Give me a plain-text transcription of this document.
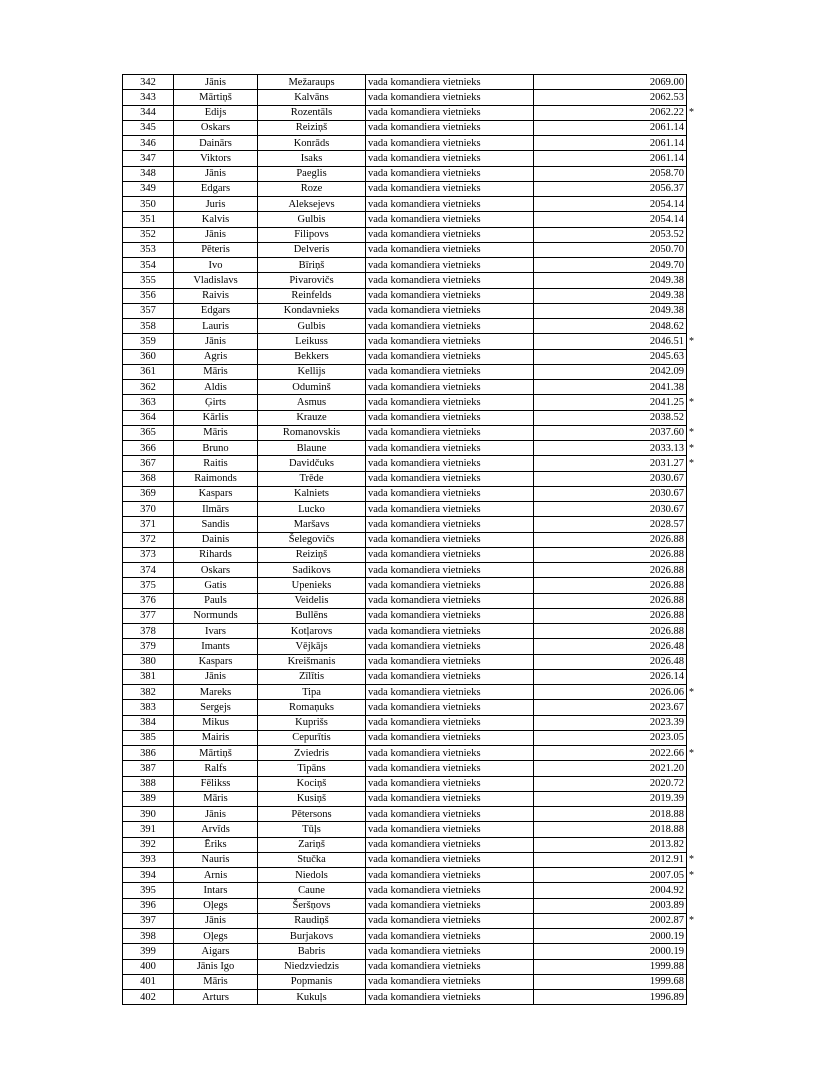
342	Jānis	Mežaraups	vada komandiera vietnieks	2069.00	
343	Mārtiņš	Kalvāns	vada komandiera vietnieks	2062.53	
344	Edijs	Rozentāls	vada komandiera vietnieks	2062.22	*
345	Oskars	Reiziņš	vada komandiera vietnieks	2061.14	
346	Dainārs	Konrāds	vada komandiera vietnieks	2061.14	
347	Viktors	Isaks	vada komandiera vietnieks	2061.14	
348	Jānis	Paeglis	vada komandiera vietnieks	2058.70	
349	Edgars	Roze	vada komandiera vietnieks	2056.37	
350	Juris	Aleksejevs	vada komandiera vietnieks	2054.14	
351	Kalvis	Gulbis	vada komandiera vietnieks	2054.14	
352	Jānis	Filipovs	vada komandiera vietnieks	2053.52	
353	Pēteris	Delveris	vada komandiera vietnieks	2050.70	
354	Ivo	Bīriņš	vada komandiera vietnieks	2049.70	
355	Vladislavs	Pivarovičs	vada komandiera vietnieks	2049.38	
356	Raivis	Reinfelds	vada komandiera vietnieks	2049.38	
357	Edgars	Kondavnieks	vada komandiera vietnieks	2049.38	
358	Lauris	Gulbis	vada komandiera vietnieks	2048.62	
359	Jānis	Leikuss	vada komandiera vietnieks	2046.51	*
360	Agris	Bekkers	vada komandiera vietnieks	2045.63	
361	Māris	Kellijs	vada komandiera vietnieks	2042.09	
362	Aldis	Oduminš	vada komandiera vietnieks	2041.38	
363	Ģirts	Asmus	vada komandiera vietnieks	2041.25	*
364	Kārlis	Krauze	vada komandiera vietnieks	2038.52	
365	Māris	Romanovskis	vada komandiera vietnieks	2037.60	*
366	Bruno	Blaune	vada komandiera vietnieks	2033.13	*
367	Raitis	Davidčuks	vada komandiera vietnieks	2031.27	*
368	Raimonds	Trēde	vada komandiera vietnieks	2030.67	
369	Kaspars	Kalniets	vada komandiera vietnieks	2030.67	
370	Ilmārs	Lucko	vada komandiera vietnieks	2030.67	
371	Sandis	Maršavs	vada komandiera vietnieks	2028.57	
372	Dainis	Šelegovičs	vada komandiera vietnieks	2026.88	
373	Rihards	Reiziņš	vada komandiera vietnieks	2026.88	
374	Oskars	Sadikovs	vada komandiera vietnieks	2026.88	
375	Gatis	Upenieks	vada komandiera vietnieks	2026.88	
376	Pauls	Veidelis	vada komandiera vietnieks	2026.88	
377	Normunds	Bullēns	vada komandiera vietnieks	2026.88	
378	Ivars	Kotļarovs	vada komandiera vietnieks	2026.88	
379	Imants	Vējkājs	vada komandiera vietnieks	2026.48	
380	Kaspars	Kreišmanis	vada komandiera vietnieks	2026.48	
381	Jānis	Zīlītis	vada komandiera vietnieks	2026.14	
382	Mareks	Tipa	vada komandiera vietnieks	2026.06	*
383	Sergejs	Romaņuks	vada komandiera vietnieks	2023.67	
384	Mikus	Kuprišs	vada komandiera vietnieks	2023.39	
385	Mairis	Cepurītis	vada komandiera vietnieks	2023.05	
386	Mārtiņš	Zviedris	vada komandiera vietnieks	2022.66	*
387	Ralfs	Tipāns	vada komandiera vietnieks	2021.20	
388	Fēlikss	Kociņš	vada komandiera vietnieks	2020.72	
389	Māris	Kusiņš	vada komandiera vietnieks	2019.39	
390	Jānis	Pētersons	vada komandiera vietnieks	2018.88	
391	Arvīds	Tūļs	vada komandiera vietnieks	2018.88	
392	Ēriks	Zariņš	vada komandiera vietnieks	2013.82	
393	Nauris	Stučka	vada komandiera vietnieks	2012.91	*
394	Arnis	Niedols	vada komandiera vietnieks	2007.05	*
395	Intars	Caune	vada komandiera vietnieks	2004.92	
396	Oļegs	Šeršņovs	vada komandiera vietnieks	2003.89	
397	Jānis	Raudiņš	vada komandiera vietnieks	2002.87	*
398	Oļegs	Burjakovs	vada komandiera vietnieks	2000.19	
399	Aigars	Babris	vada komandiera vietnieks	2000.19	
400	Jānis Igo	Niedzviedzis	vada komandiera vietnieks	1999.88	
401	Māris	Popmanis	vada komandiera vietnieks	1999.68	
402	Arturs	Kukuļs	vada komandiera vietnieks	1996.89	
